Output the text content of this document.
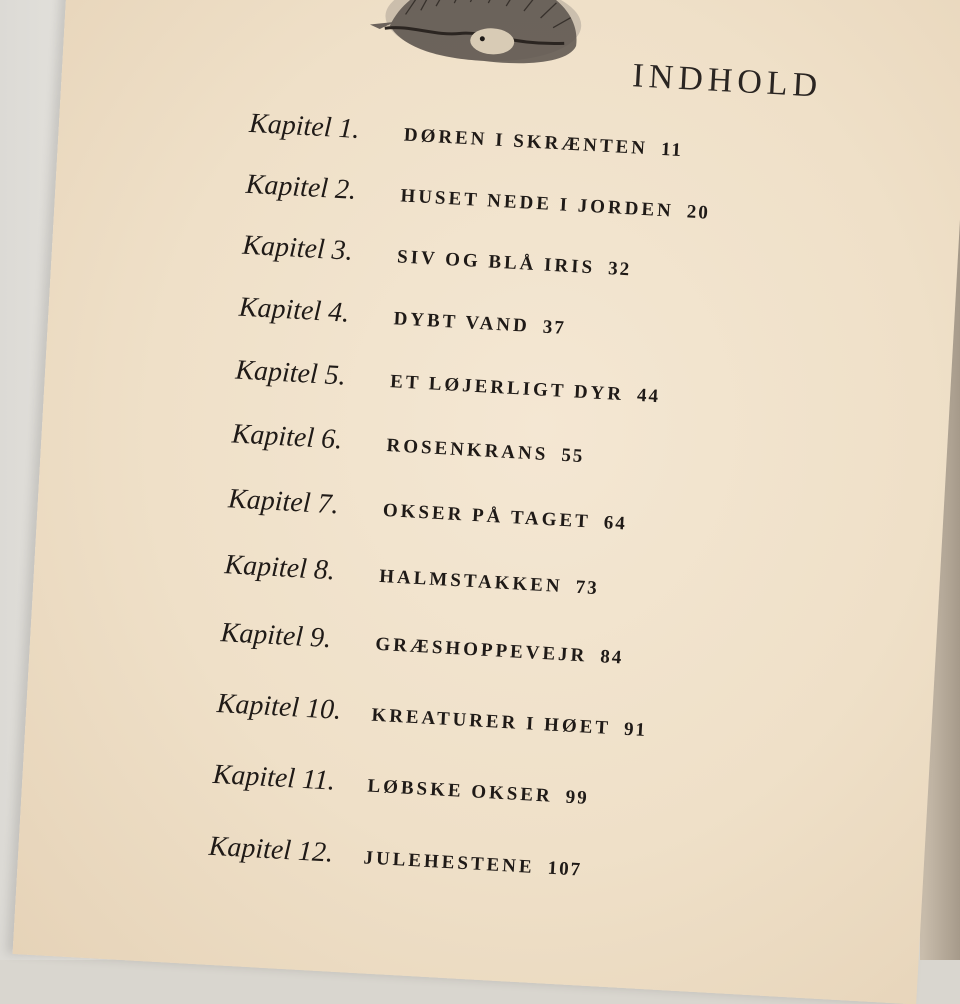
INDHOLD
Kapitel 1. DØREN I SKRÆNTEN 11
Kapitel 2. HUSET NEDE I JORDEN 20
Kapitel 3. SIV OG BLÅ IRIS 32
Kapitel 4. DYBT VAND 37
Kapitel 5. ET LØJERLIGT DYR 44
Kapitel 6. ROSENKRANS 55
Kapitel 7. OKSER PÅ TAGET 64
Kapitel 8. HALMSTAKKEN 73
Kapitel 9. GRÆSHOPPEVEJR 84
Kapitel 10. KREATURER I HØET 91
Kapitel 11. LØBSKE OKSER 99
Kapitel 12. JULEHESTENE 107
